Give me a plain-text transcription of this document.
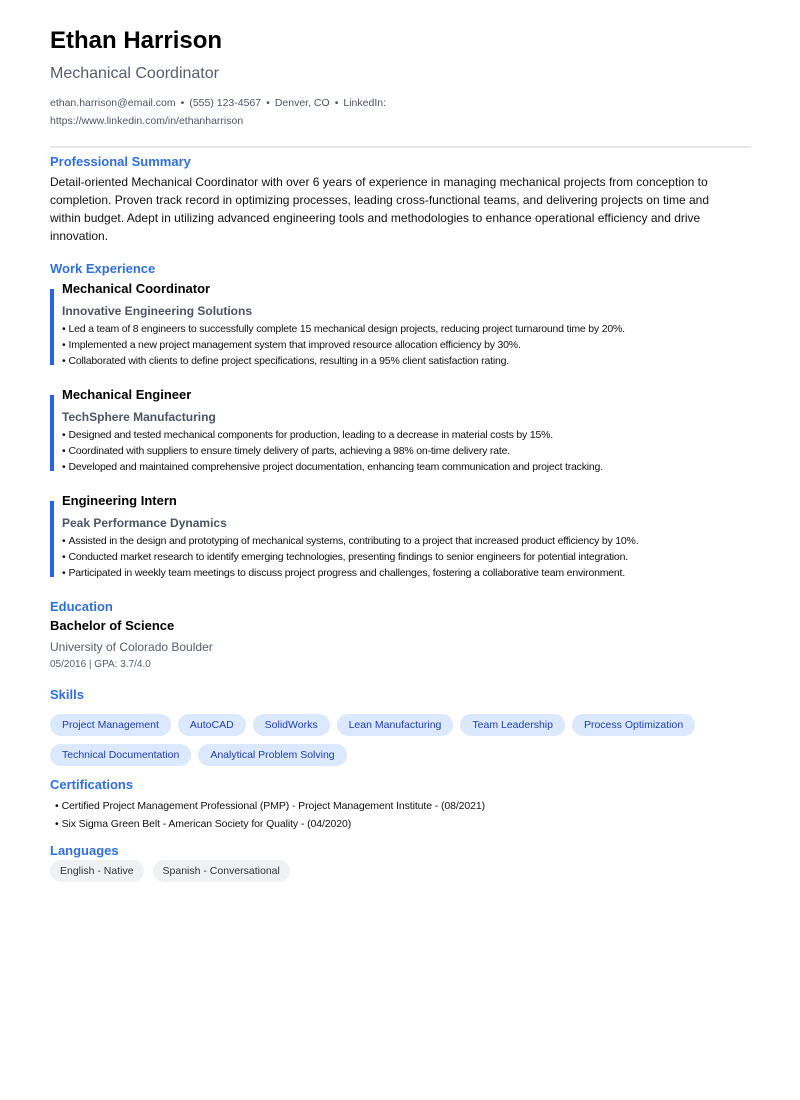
Ethan Harrison
Mechanical Coordinator
ethan.harrison@email.com • (555) 123-4567 • Denver, CO • LinkedIn:
https://www.linkedin.com/in/ethanharrison
Professional Summary

Detail-oriented Mechanical Coordinator with over 6 years of experience in managing mechanical projects from conception to completion. Proven track record in optimizing processes, leading cross-functional teams, and delivering projects on time and within budget. Adept in utilizing advanced engineering tools and methodologies to enhance operational efficiency and drive innovation.

Work Experience
Mechanical Coordinator
Innovative Engineering Solutions
• Led a team of 8 engineers to successfully complete 15 mechanical design projects, reducing project turnaround time by 20%.
• Implemented a new project management system that improved resource allocation efficiency by 30%.
• Collaborated with clients to define project specifications, resulting in a 95% client satisfaction rating.
Mechanical Engineer
TechSphere Manufacturing
• Designed and tested mechanical components for production, leading to a decrease in material costs by 15%.
• Coordinated with suppliers to ensure timely delivery of parts, achieving a 98% on-time delivery rate.
• Developed and maintained comprehensive project documentation, enhancing team communication and project tracking.
Engineering Intern
Peak Performance Dynamics
• Assisted in the design and prototyping of mechanical systems, contributing to a project that increased product efficiency by 10%.
• Conducted market research to identify emerging technologies, presenting findings to senior engineers for potential integration.
• Participated in weekly team meetings to discuss project progress and challenges, fostering a collaborative team environment.
Education
Bachelor of Science
University of Colorado Boulder
05/2016 | GPA: 3.7/4.0
Skills
Project Management	AutoCAD	SolidWorks	Lean Manufacturing	Team Leadership	Process Optimization
Technical Documentation	Analytical Problem Solving
Certifications
• Certified Project Management Professional (PMP) - Project Management Institute - (08/2021)
• Six Sigma Green Belt - American Society for Quality - (04/2020)
Languages
English - Native	Spanish - Conversational
